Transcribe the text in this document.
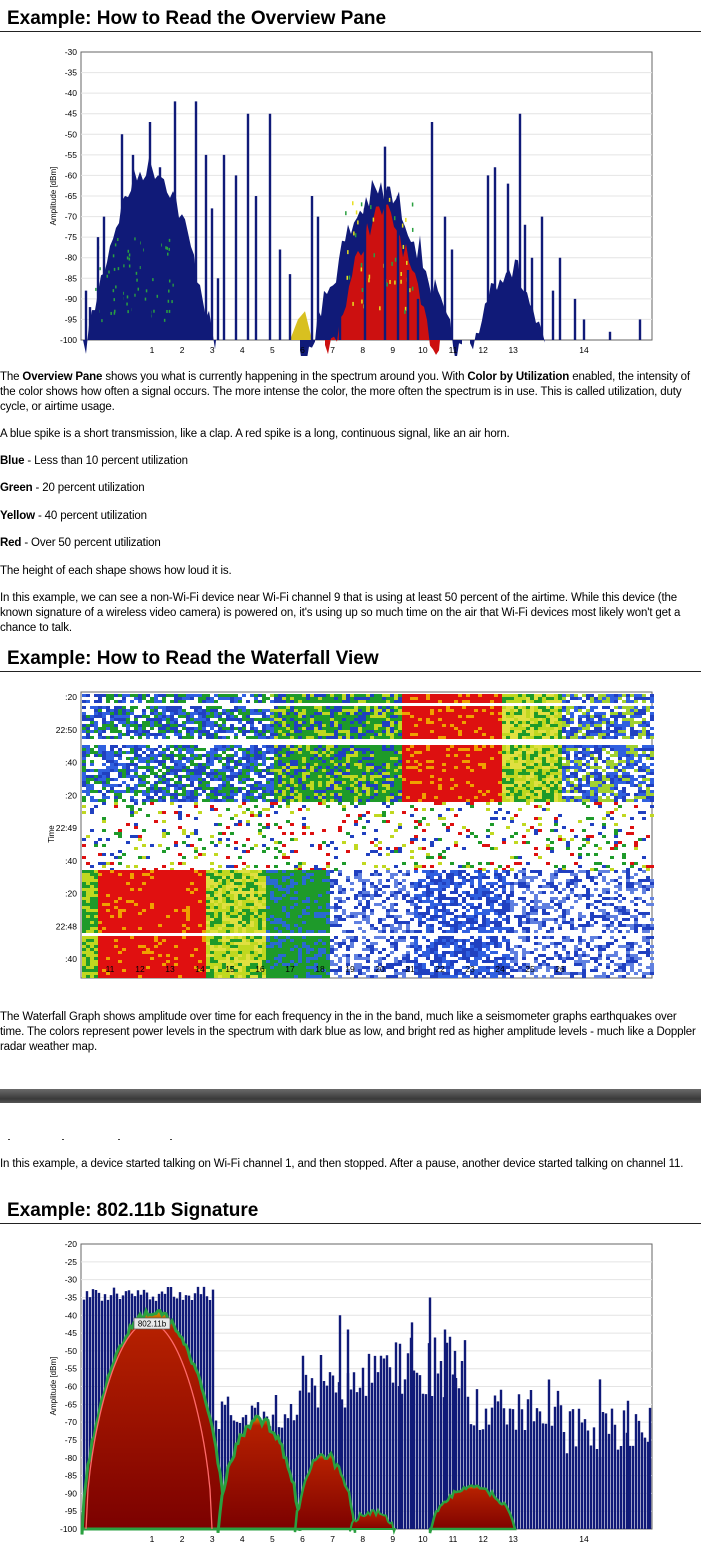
Example: How to Read the Overview Pane
-30
-35
-40
-45
-50
-55
-60
-65
-70
-75
-80
-85
-90
-95
-100
1	2	3	4	5	6	7	8	9	10 11 12 13	14
Amplitude [dBm]

The Overview Pane shows you what is currently happening in the spectrum around you. With Color by Utilization enabled, the intensity of the color shows how often a signal occurs. The more intense the color, the more often the spectrum is in use. This is called utilization, duty cycle, or airtime usage.

A blue spike is a short transmission, like a clap. A red spike is a long, continuous signal, like an air horn.

Blue - Less than 10 percent utilization

Green - 20 percent utilization

Yellow - 40 percent utilization

Red - Over 50 percent utilization

The height of each shape shows how loud it is.

In this example, we can see a non-Wi-Fi device near Wi-Fi channel 9 that is using at least 50 percent of the airtime. While this device (the known signature of a wireless video camera) is powered on, it's using up so much time on the air that Wi-Fi devices most likely won't get a chance to talk.

Example: How to Read the Waterfall View
:20
22:50
:40
:20
22:49
:40
:20
22:48
:40
11 12 13 14 15 16 17 18 19 20 21 22 23 24 25 26
Time

The Waterfall Graph shows amplitude over time for each frequency in the in the band, much like a seismometer graphs earthquakes over time. The colors represent power levels in the spectrum with dark blue as low, and bright red as higher amplitude levels - much like a Doppler radar weather map.

In this example, a device started talking on Wi-Fi channel 1, and then stopped. After a pause, another device started talking on channel 11.

Example: 802.11b Signature
-20
-25
-30
-35
-40
-45
-50
-55
-60
-65
-70
-75
-80
-85
-90
-95
-100
1	2	3	4	5	6	7	8	9	10 11 12 13	14
802.11b
Amplitude [dBm]
